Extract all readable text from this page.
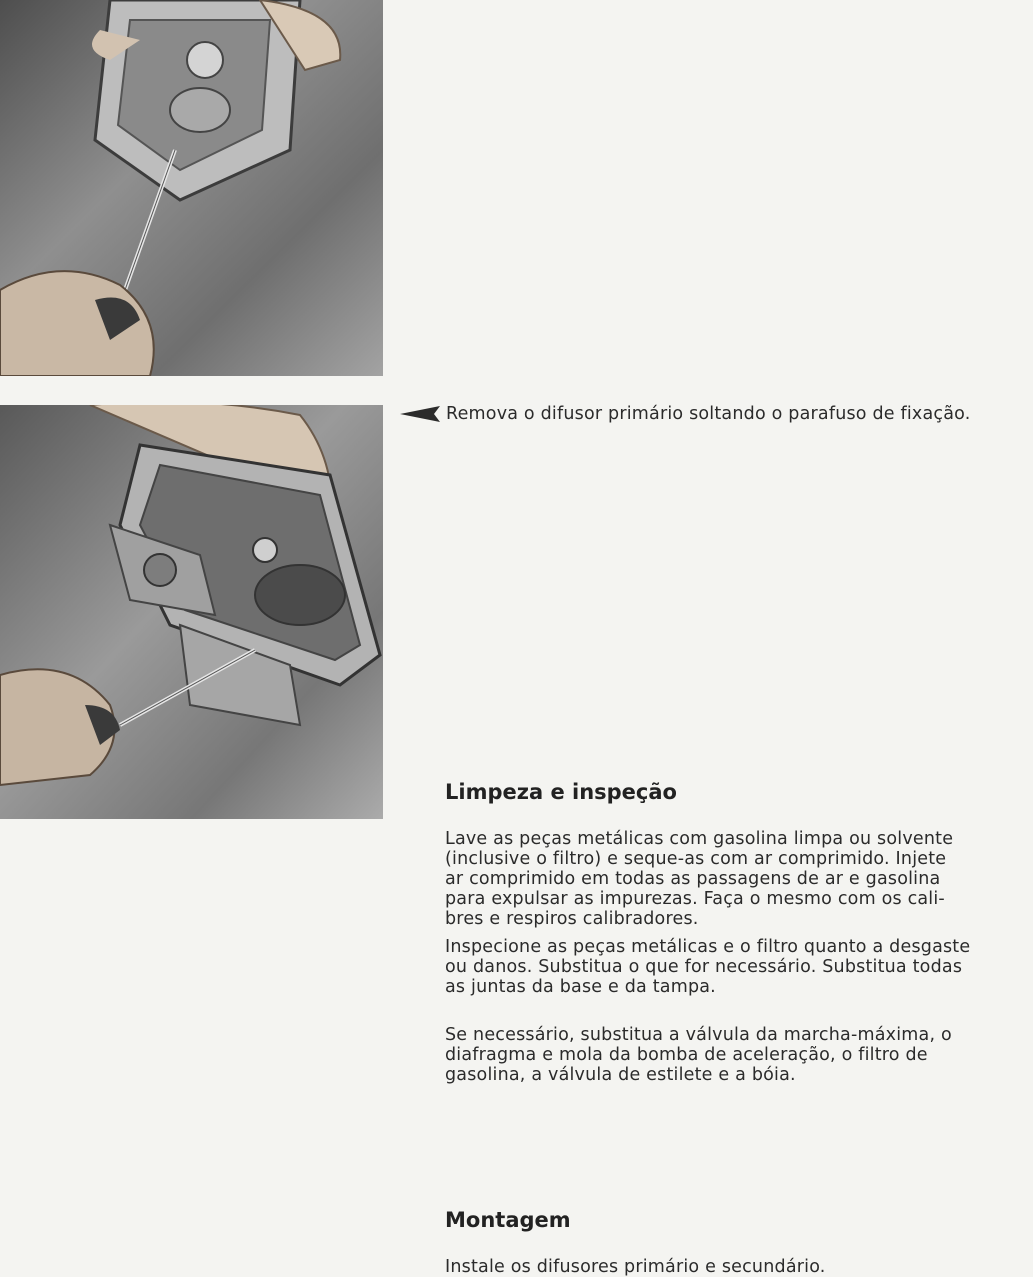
Remova o difusor primário soltando o parafuso de fixação.
Limpeza e inspeção

Lave as peças metálicas com gasolina limpa ou solvente
(inclusive o filtro) e seque-as com ar comprimido. Injete
ar comprimido em todas as passagens de ar e gasolina
para expulsar as impurezas. Faça o mesmo com os cali-
bres e respiros calibradores.

Inspecione as peças metálicas e o filtro quanto a desgaste
ou danos. Substitua o que for necessário. Substitua todas
as juntas da base e da tampa.

Se necessário, substitua a válvula da marcha-máxima, o
diafragma e mola da bomba de aceleração, o filtro de
gasolina, a válvula de estilete e a bóia.

Montagem

Instale os difusores primário e secundário.
